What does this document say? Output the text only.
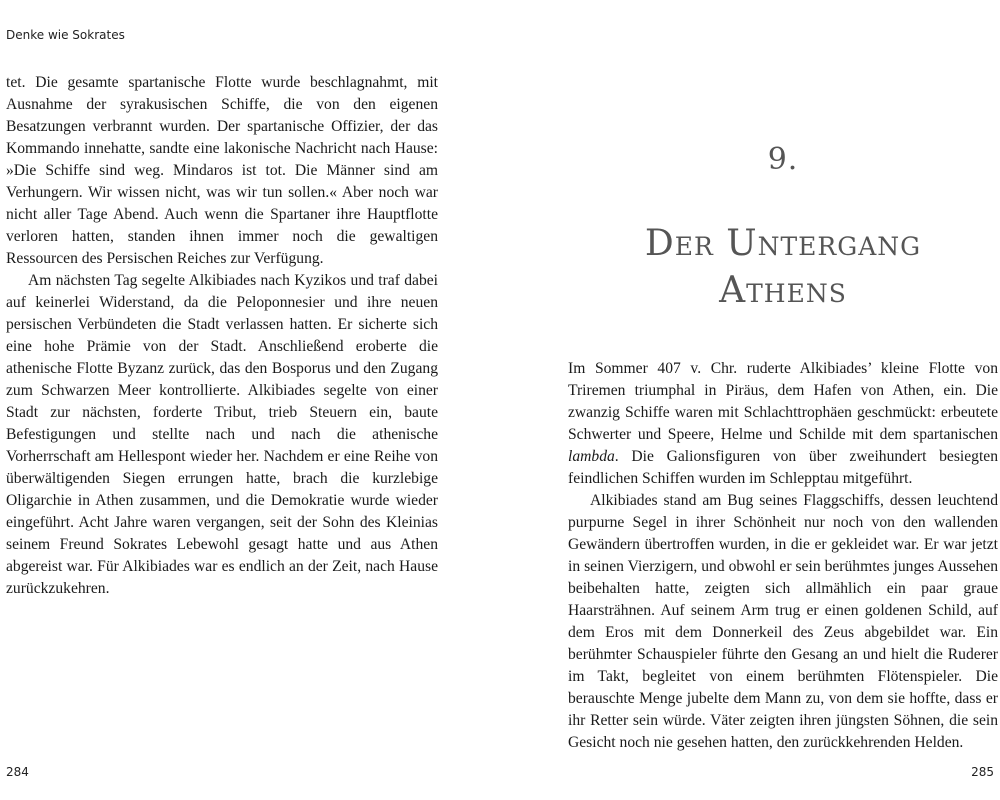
Denke wie Sokrates

tet. Die gesamte spartanische Flotte wurde beschlagnahmt, mit Ausnahme der syrakusischen Schiffe, die von den eigenen Besatzungen verbrannt wurden. Der spartanische Offizier, der das Kommando innehatte, sandte eine lakonische Nachricht nach Hause: »Die Schiffe sind weg. Mindaros ist tot. Die Männer sind am Verhungern. Wir wissen nicht, was wir tun sollen.« Aber noch war nicht aller Tage Abend. Auch wenn die Spartaner ihre Hauptflotte verloren hatten, standen ihnen immer noch die gewaltigen Ressourcen des Persischen Reiches zur Verfügung.

Am nächsten Tag segelte Alkibiades nach Kyzikos und traf dabei auf keinerlei Widerstand, da die Peloponnesier und ihre neuen persischen Verbündeten die Stadt verlassen hatten. Er sicherte sich eine hohe Prämie von der Stadt. Anschließend eroberte die athenische Flotte Byzanz zurück, das den Bosporus und den Zugang zum Schwarzen Meer kontrollierte. Alkibiades segelte von einer Stadt zur nächsten, forderte Tribut, trieb Steuern ein, baute Befestigungen und stellte nach und nach die athenische Vorherrschaft am Hellespont wieder her. Nachdem er eine Reihe von überwältigenden Siegen errungen hatte, brach die kurzlebige Oligarchie in Athen zusammen, und die Demokratie wurde wieder eingeführt. Acht Jahre waren vergangen, seit der Sohn des Kleinias seinem Freund Sokrates Lebewohl gesagt hatte und aus Athen abgereist war. Für Alkibiades war es endlich an der Zeit, nach Hause zurückzukehren.

9.
Der Untergang
Athens

Im Sommer 407 v. Chr. ruderte Alkibiades’ kleine Flotte von Triremen triumphal in Piräus, dem Hafen von Athen, ein. Die zwanzig Schiffe waren mit Schlachttrophäen geschmückt: erbeutete Schwerter und Speere, Helme und Schilde mit dem spartanischen lambda. Die Galionsfiguren von über zweihundert besiegten feindlichen Schiffen wurden im Schlepptau mitgeführt.

Alkibiades stand am Bug seines Flaggschiffs, dessen leuchtend purpurne Segel in ihrer Schönheit nur noch von den wallenden Gewändern übertroffen wurden, in die er gekleidet war. Er war jetzt in seinen Vierzigern, und obwohl er sein berühmtes junges Aussehen beibehalten hatte, zeigten sich allmählich ein paar graue Haarsträhnen. Auf seinem Arm trug er einen goldenen Schild, auf dem Eros mit dem Donnerkeil des Zeus abgebildet war. Ein berühmter Schauspieler führte den Gesang an und hielt die Ruderer im Takt, begleitet von einem berühmten Flötenspieler. Die berauschte Menge jubelte dem Mann zu, von dem sie hoffte, dass er ihr Retter sein würde. Väter zeigten ihren jüngsten Söhnen, die sein Gesicht noch nie gesehen hatten, den zurückkehrenden Helden.

284	285
